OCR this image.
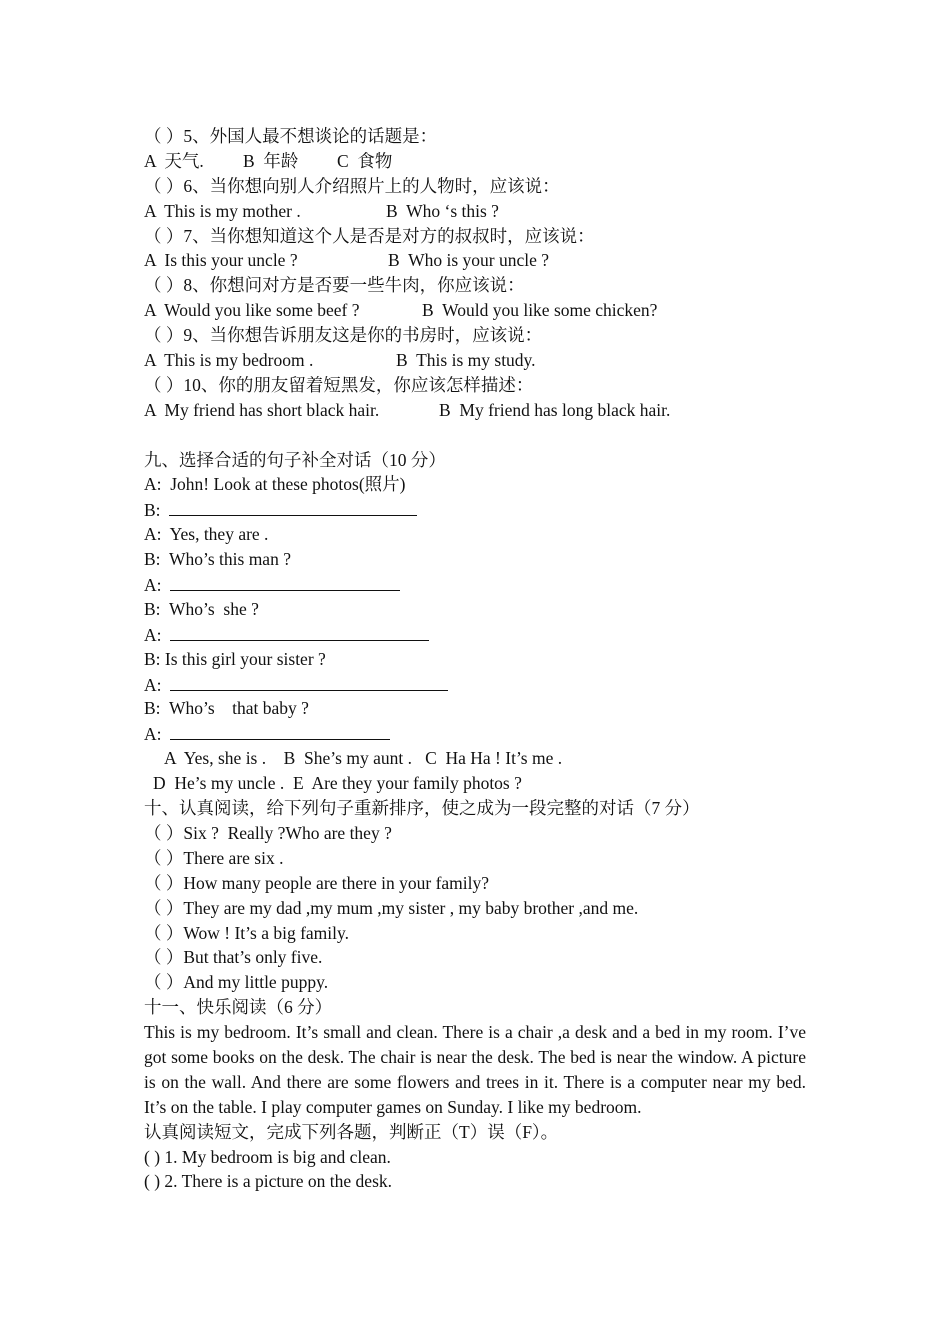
（ ）5、外国人最不想谈论的话题是：
A  天气. B  年龄 C  食物
（ ）6、当你想向别人介绍照片上的人物时，应该说：
A  This is my mother .	B  Who ‘s this ?
（ ）7、当你想知道这个人是否是对方的叔叔时，应该说：
A  Is this your uncle ?	B  Who is your uncle ?
（ ）8、你想问对方是否要一些牛肉，你应该说：
A  Would you like some beef ?	B  Would you like some chicken?
（ ）9、当你想告诉朋友这是你的书房时，应该说：
A  This is my bedroom .	B  This is my study.
（ ）10、你的朋友留着短黑发，你应该怎样描述：
A  My friend has short black hair.	B  My friend has long black hair.
九、选择合适的句子补全对话（10 分）
A:  John! Look at these photos(照片)
B:
A:  Yes, they are .
B:  Who’s this man ?
A:
B:  Who’s  she ?
A:
B: Is this girl your sister ?
A:
B:  Who’s    that baby ?
A:
A  Yes, she is .    B  She’s my aunt .   C  Ha Ha ! It’s me .
D  He’s my uncle .  E  Are they your family photos ?
十、认真阅读，给下列句子重新排序，使之成为一段完整的对话（7 分）
（ ）Six ?  Really ?Who are they ?
（ ）There are six .
（ ）How many people are there in your family?
（ ）They are my dad ,my mum ,my sister , my baby brother ,and me.
（ ）Wow ! It’s a big family.
（ ）But that’s only five.
（ ）And my little puppy.
十一、快乐阅读（6 分）
This is my bedroom. It’s small and clean. There is a chair ,a desk and a bed in my room. I’ve got some books on the desk. The chair is near the desk. The bed is near the window. A picture is on the wall. And there are some flowers and trees in it. There is a computer near my bed. It’s on the table. I play computer games on Sunday. I like my bedroom.
认真阅读短文，完成下列各题，判断正（T）误（F）。
( ) 1. My bedroom is big and clean.
( ) 2. There is a picture on the desk.
